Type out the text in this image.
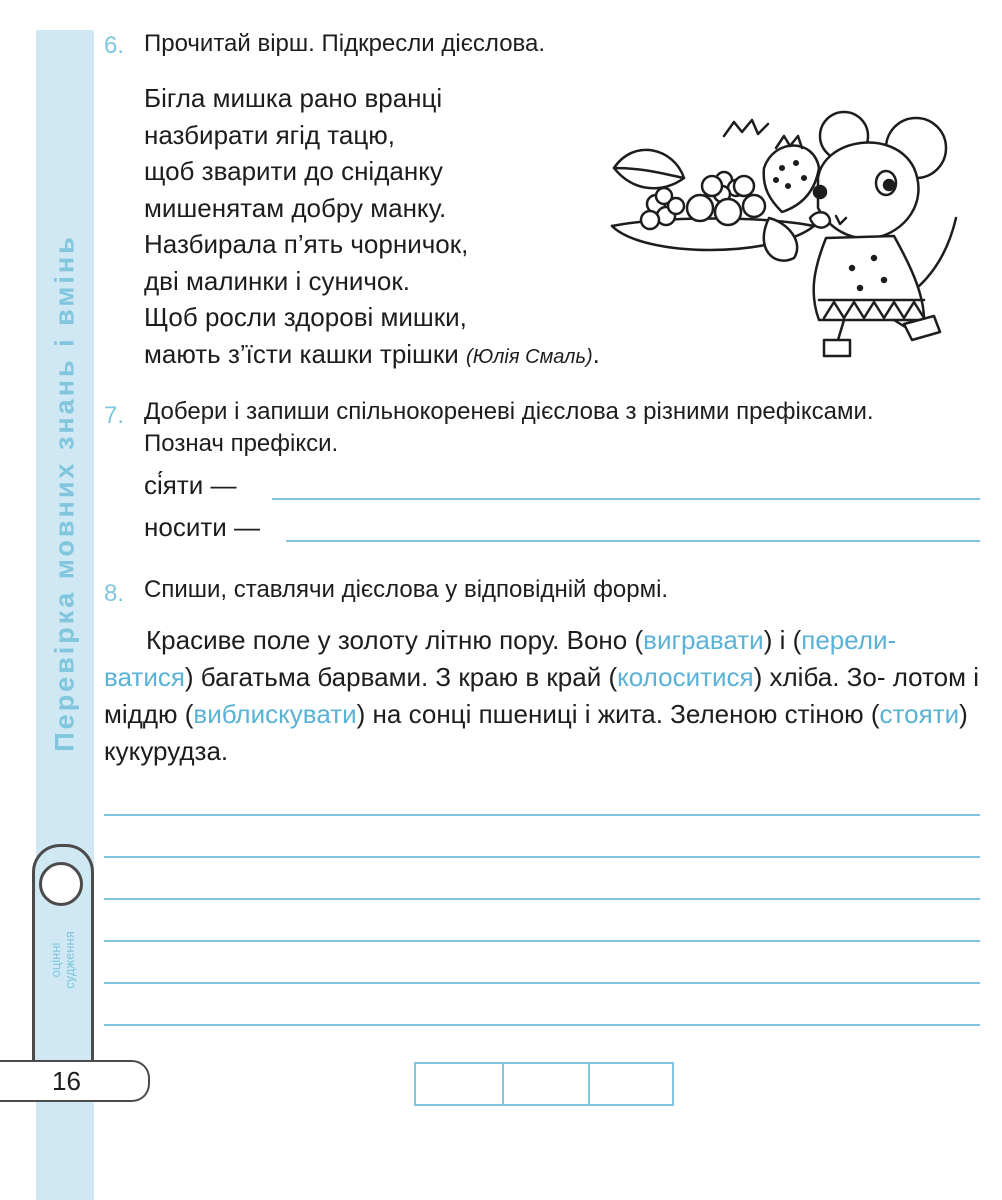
Перевірка мовних знань і вмінь
оцінні
судження
16
6. Прочитай вірш. Підкресли дієслова.
Бігла мишка рано вранці
назбирати ягід тацю,
щоб зварити до сніданку
мишенятам добру манку.
Назбирала п’ять чорничок,
дві малинки і суничок.
Щоб росли здорові мишки,
мають з’їсти кашки трішки (Юлія Смаль).
7. Добери і запиши спільнокореневі дієслова з різними префіксами.
Познач префікси.
сі́яти —
носити —
8. Спиши, ставлячи дієслова у відповідній формі.
Красиве поле у золоту літню пору. Воно (вигравати) і (перели- ватися) багатьма барвами. З краю в край (колоситися) хліба. Зо- лотом і міддю (виблискувати) на сонці пшениці і жита. Зеленою стіною (стояти) кукурудза.
